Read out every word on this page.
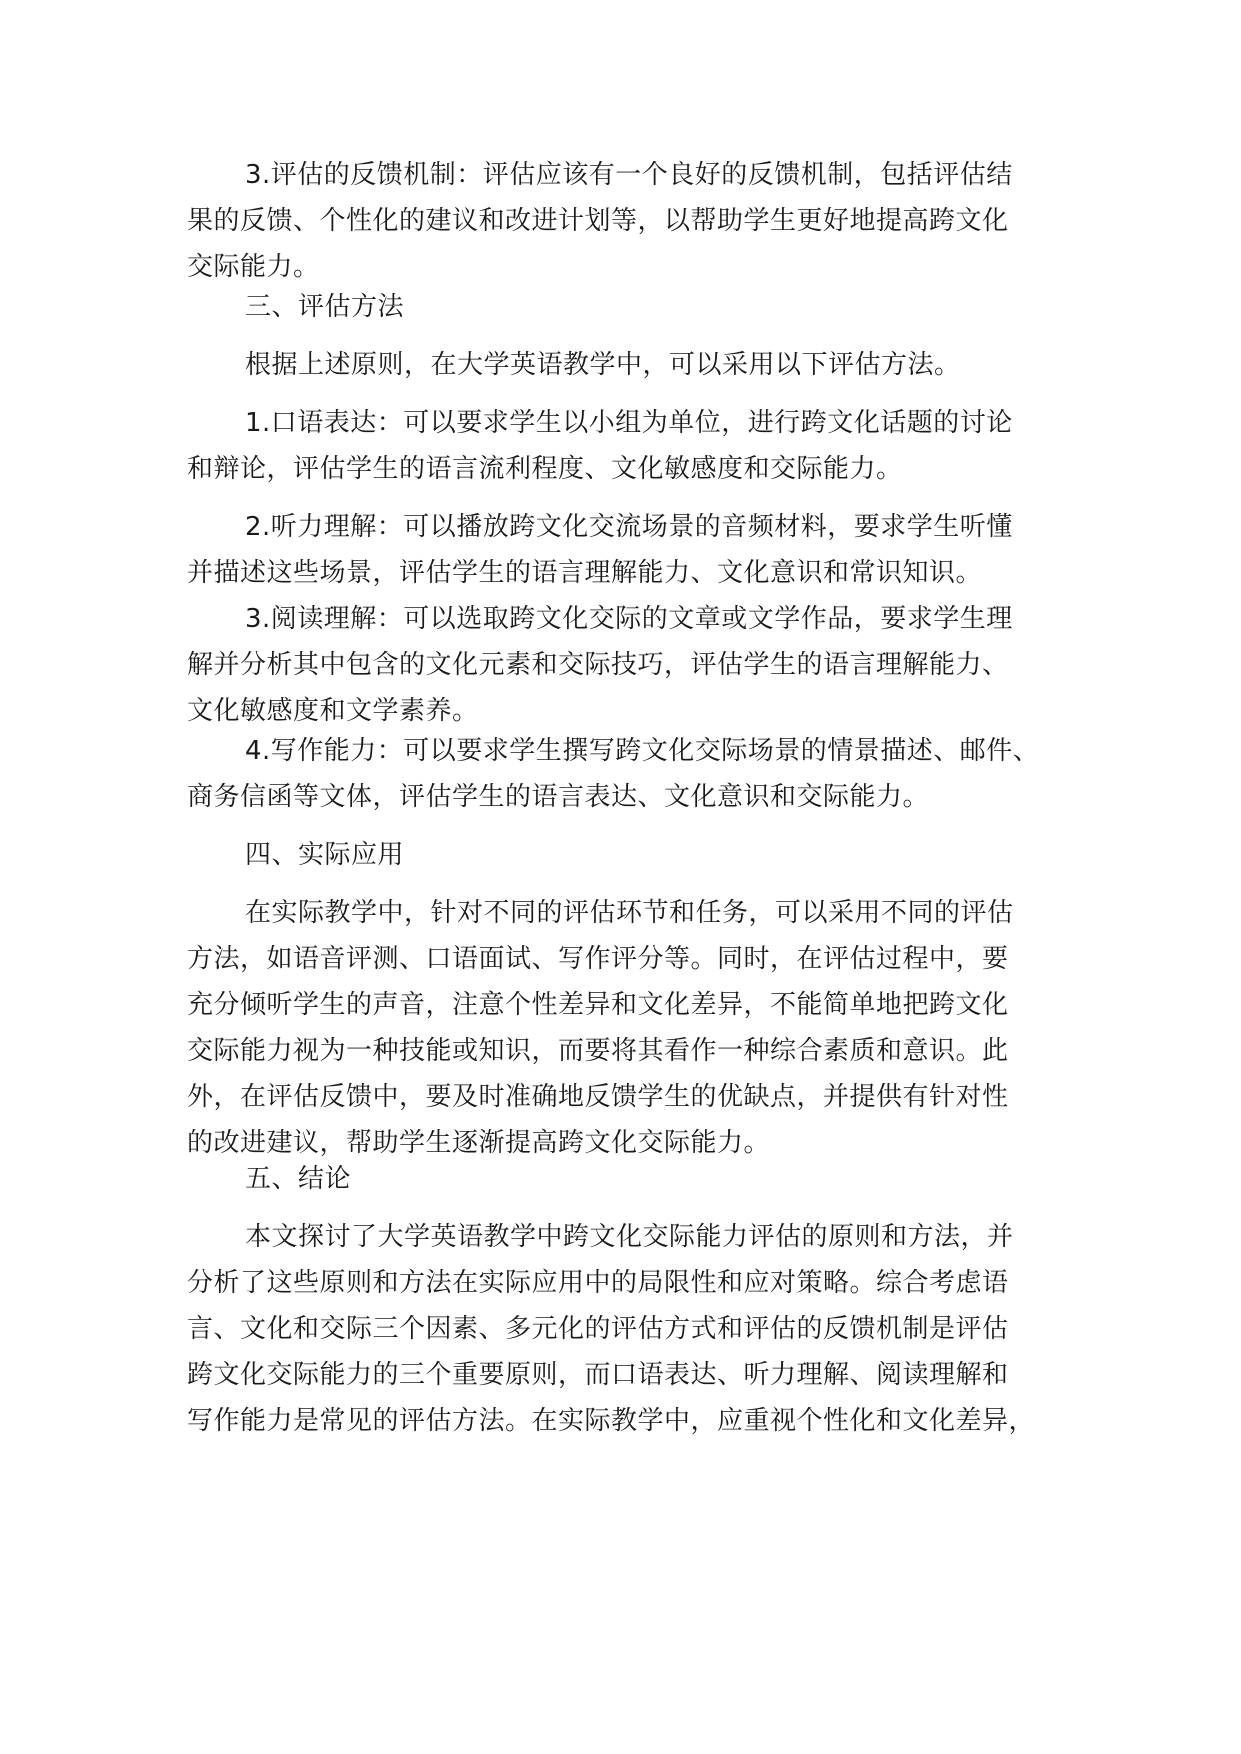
3.评估的反馈机制：评估应该有一个良好的反馈机制，包括评估结
果的反馈、个性化的建议和改进计划等，以帮助学生更好地提高跨文化
交际能力。

三、评估方法

根据上述原则，在大学英语教学中，可以采用以下评估方法。

1.口语表达：可以要求学生以小组为单位，进行跨文化话题的讨论
和辩论，评估学生的语言流利程度、文化敏感度和交际能力。

2.听力理解：可以播放跨文化交流场景的音频材料，要求学生听懂
并描述这些场景，评估学生的语言理解能力、文化意识和常识知识。

3.阅读理解：可以选取跨文化交际的文章或文学作品，要求学生理
解并分析其中包含的文化元素和交际技巧，评估学生的语言理解能力、
文化敏感度和文学素养。

4.写作能力：可以要求学生撰写跨文化交际场景的情景描述、邮件、
商务信函等文体，评估学生的语言表达、文化意识和交际能力。

四、实际应用

在实际教学中，针对不同的评估环节和任务，可以采用不同的评估
方法，如语音评测、口语面试、写作评分等。同时，在评估过程中，要
充分倾听学生的声音，注意个性差异和文化差异，不能简单地把跨文化
交际能力视为一种技能或知识，而要将其看作一种综合素质和意识。此
外，在评估反馈中，要及时准确地反馈学生的优缺点，并提供有针对性
的改进建议，帮助学生逐渐提高跨文化交际能力。

五、结论

本文探讨了大学英语教学中跨文化交际能力评估的原则和方法，并
分析了这些原则和方法在实际应用中的局限性和应对策略。综合考虑语
言、文化和交际三个因素、多元化的评估方式和评估的反馈机制是评估
跨文化交际能力的三个重要原则，而口语表达、听力理解、阅读理解和
写作能力是常见的评估方法。在实际教学中，应重视个性化和文化差异，
